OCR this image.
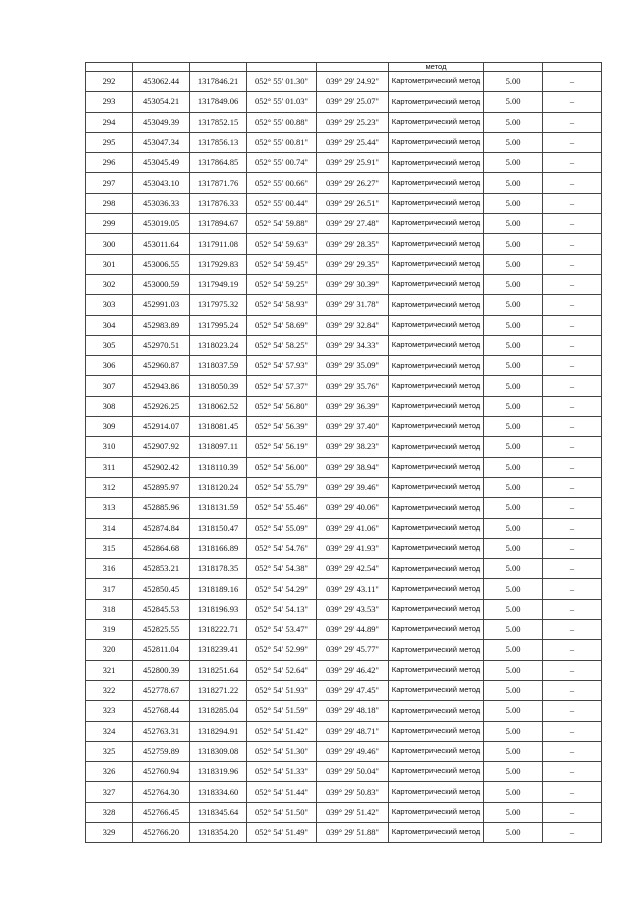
					метод		
292	453062.44	1317846.21	052° 55' 01.30"	039° 29' 24.92"	Картометрический метод	5.00	–
293	453054.21	1317849.06	052° 55' 01.03"	039° 29' 25.07"	Картометрический метод	5.00	–
294	453049.39	1317852.15	052° 55' 00.88"	039° 29' 25.23"	Картометрический метод	5.00	–
295	453047.34	1317856.13	052° 55' 00.81"	039° 29' 25.44"	Картометрический метод	5.00	–
296	453045.49	1317864.85	052° 55' 00.74"	039° 29' 25.91"	Картометрический метод	5.00	–
297	453043.10	1317871.76	052° 55' 00.66"	039° 29' 26.27"	Картометрический метод	5.00	–
298	453036.33	1317876.33	052° 55' 00.44"	039° 29' 26.51"	Картометрический метод	5.00	–
299	453019.05	1317894.67	052° 54' 59.88"	039° 29' 27.48"	Картометрический метод	5.00	–
300	453011.64	1317911.08	052° 54' 59.63"	039° 29' 28.35"	Картометрический метод	5.00	–
301	453006.55	1317929.83	052° 54' 59.45"	039° 29' 29.35"	Картометрический метод	5.00	–
302	453000.59	1317949.19	052° 54' 59.25"	039° 29' 30.39"	Картометрический метод	5.00	–
303	452991.03	1317975.32	052° 54' 58.93"	039° 29' 31.78"	Картометрический метод	5.00	–
304	452983.89	1317995.24	052° 54' 58.69"	039° 29' 32.84"	Картометрический метод	5.00	–
305	452970.51	1318023.24	052° 54' 58.25"	039° 29' 34.33"	Картометрический метод	5.00	–
306	452960.87	1318037.59	052° 54' 57.93"	039° 29' 35.09"	Картометрический метод	5.00	–
307	452943.86	1318050.39	052° 54' 57.37"	039° 29' 35.76"	Картометрический метод	5.00	–
308	452926.25	1318062.52	052° 54' 56.80"	039° 29' 36.39"	Картометрический метод	5.00	–
309	452914.07	1318081.45	052° 54' 56.39"	039° 29' 37.40"	Картометрический метод	5.00	–
310	452907.92	1318097.11	052° 54' 56.19"	039° 29' 38.23"	Картометрический метод	5.00	–
311	452902.42	1318110.39	052° 54' 56.00"	039° 29' 38.94"	Картометрический метод	5.00	–
312	452895.97	1318120.24	052° 54' 55.79"	039° 29' 39.46"	Картометрический метод	5.00	–
313	452885.96	1318131.59	052° 54' 55.46"	039° 29' 40.06"	Картометрический метод	5.00	–
314	452874.84	1318150.47	052° 54' 55.09"	039° 29' 41.06"	Картометрический метод	5.00	–
315	452864.68	1318166.89	052° 54' 54.76"	039° 29' 41.93"	Картометрический метод	5.00	–
316	452853.21	1318178.35	052° 54' 54.38"	039° 29' 42.54"	Картометрический метод	5.00	–
317	452850.45	1318189.16	052° 54' 54.29"	039° 29' 43.11"	Картометрический метод	5.00	–
318	452845.53	1318196.93	052° 54' 54.13"	039° 29' 43.53"	Картометрический метод	5.00	–
319	452825.55	1318222.71	052° 54' 53.47"	039° 29' 44.89"	Картометрический метод	5.00	–
320	452811.04	1318239.41	052° 54' 52.99"	039° 29' 45.77"	Картометрический метод	5.00	–
321	452800.39	1318251.64	052° 54' 52.64"	039° 29' 46.42"	Картометрический метод	5.00	–
322	452778.67	1318271.22	052° 54' 51.93"	039° 29' 47.45"	Картометрический метод	5.00	–
323	452768.44	1318285.04	052° 54' 51.59"	039° 29' 48.18"	Картометрический метод	5.00	–
324	452763.31	1318294.91	052° 54' 51.42"	039° 29' 48.71"	Картометрический метод	5.00	–
325	452759.89	1318309.08	052° 54' 51.30"	039° 29' 49.46"	Картометрический метод	5.00	–
326	452760.94	1318319.96	052° 54' 51.33"	039° 29' 50.04"	Картометрический метод	5.00	–
327	452764.30	1318334.60	052° 54' 51.44"	039° 29' 50.83"	Картометрический метод	5.00	–
328	452766.45	1318345.64	052° 54' 51.50"	039° 29' 51.42"	Картометрический метод	5.00	–
329	452766.20	1318354.20	052° 54' 51.49"	039° 29' 51.88"	Картометрический метод	5.00	–
